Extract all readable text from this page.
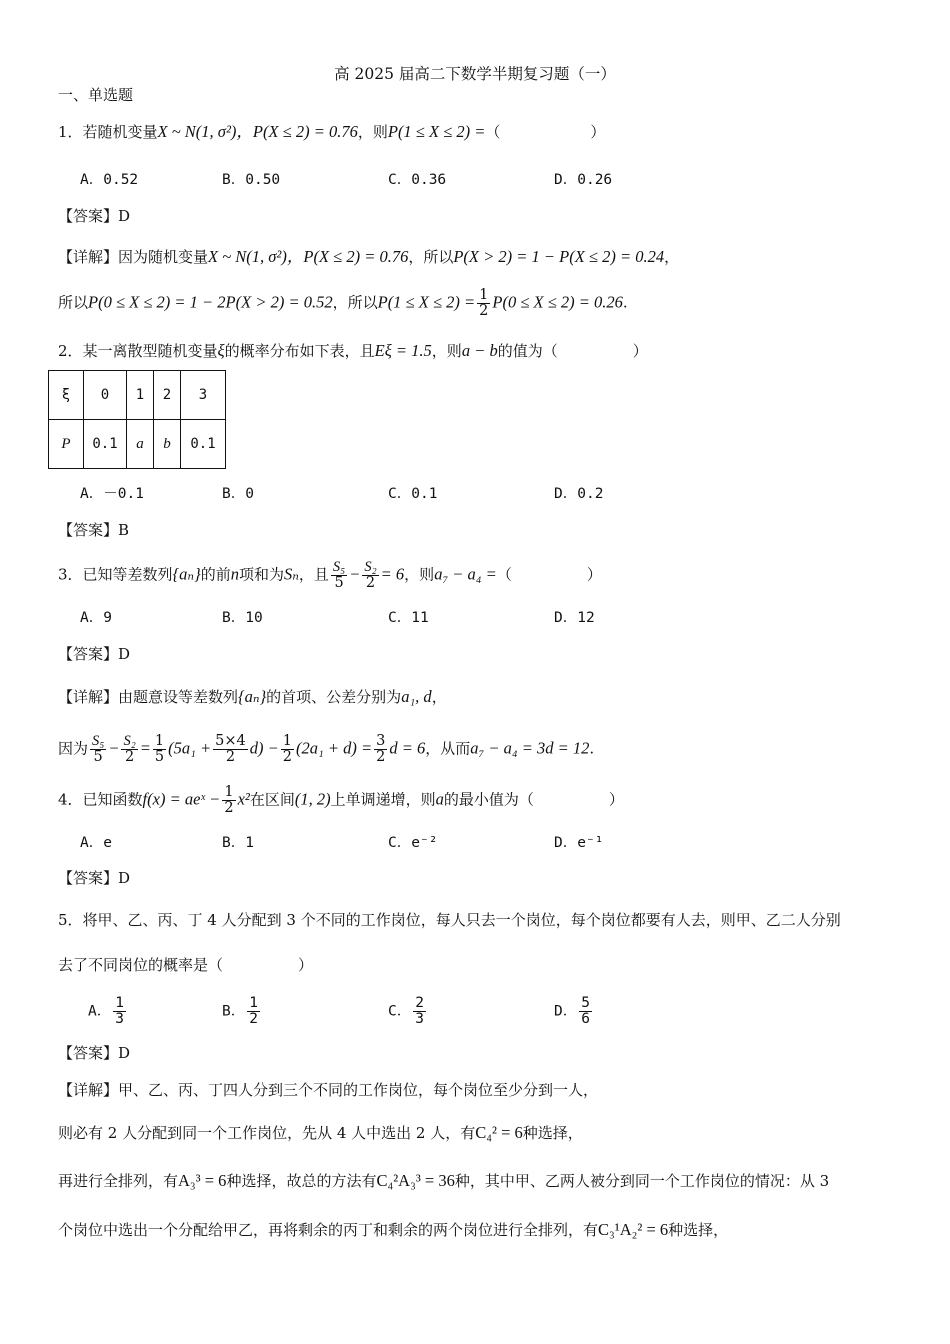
高 2025 届高二下数学半期复习题（一）
一、单选题
1．若随机变量X ~ N(1, σ²)，P(X ≤ 2) = 0.76，则P(1 ≤ X ≤ 2) =（　　　　　　）
A．0.52	B．0.50	C．0.36	D．0.26
【答案】D
【详解】因为随机变量X ~ N(1, σ²)，P(X ≤ 2) = 0.76，所以P(X > 2) = 1 − P(X ≤ 2) = 0.24，
所以P(0 ≤ X ≤ 2) = 1 − 2P(X > 2) = 0.52，所以$P(1 \le X \le 2) = \frac{1}{2} P(0 \le X \le 2) = 0.26$.
2．某一离散型随机变量ξ的概率分布如下表，且Eξ = 1.5，则a − b的值为（　　　　　）
ξ	0	1	2	3
P	0.1	a	b	0.1
A．－0.1	B．0	C．0.1	D．0.2
【答案】B
3．已知等差数列{aₙ}的前n项和为Sₙ，且 $\frac{\text{S₅}}{5} - \frac{\text{S₂}}{2} = 6$，则a₇ − a₄ =（　　　　　）
A．9	B．10	C．11	D．12
【答案】D
【详解】由题意设等差数列{aₙ}的首项、公差分别为a₁, d，
因为 $\frac{\text{S₅}}{5} - \frac{\text{S₂}}{2} = \frac{1}{5} (5a_1 + \frac{5\times 4}{2} d) - \frac{1}{2} (2a_1 + d) = \frac{3}{2}$ d = 6，从而a₇ − a₄ = 3d = 12.
4．已知函数f(x) = aeˣ − $\frac{1}{2} x^2$在区间(1, 2)上单调递增，则a的最小值为（　　　　　）
A．e	B．1	C．e⁻²	D．e⁻¹
【答案】D
5．将甲、乙、丙、丁 4 人分配到 3 个不同的工作岗位，每人只去一个岗位，每个岗位都要有人去，则甲、乙二人分别
去了不同岗位的概率是（　　　　　）
A． $\frac{1}{3}$	B． $\frac{1}{2}$	C． $\frac{2}{3}$	D． $\frac{5}{6}$
【答案】D
【详解】甲、乙、丙、丁四人分到三个不同的工作岗位，每个岗位至少分到一人，
则必有 2 人分配到同一个工作岗位，先从 4 人中选出 2 人，有C₄² = 6种选择，
再进行全排列，有A₃³ = 6种选择，故总的方法有C₄²A₃³ = 36种，其中甲、乙两人被分到同一个工作岗位的情况：从 3
个岗位中选出一个分配给甲乙，再将剩余的丙丁和剩余的两个岗位进行全排列，有C₃¹A₂² = 6种选择，
